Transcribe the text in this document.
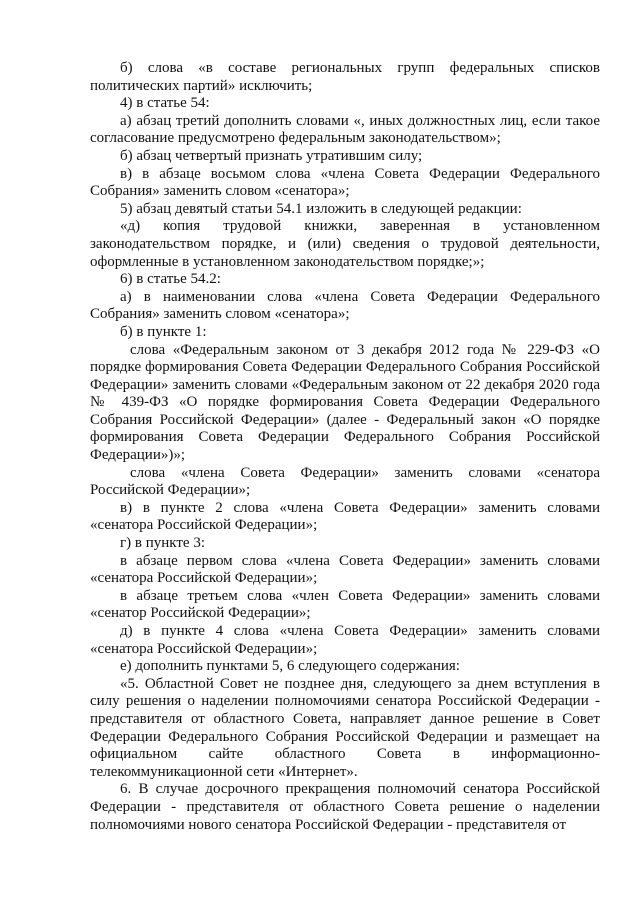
б) слова «в составе региональных групп федеральных списков политических партий» исключить;

4) в статье 54:

а) абзац третий дополнить словами «, иных должностных лиц, если такое согласование предусмотрено федеральным законодательством»;

б) абзац четвертый признать утратившим силу;

в) в абзаце восьмом слова «члена Совета Федерации Федерального Собрания» заменить словом «сенатора»;

5) абзац девятый статьи 54.1 изложить в следующей редакции:

«д) копия трудовой книжки, заверенная в установленном законодательством порядке, и (или) сведения о трудовой деятельности, оформленные в установленном законодательством порядке;»;

6) в статье 54.2:

а) в наименовании слова «члена Совета Федерации Федерального Собрания» заменить словом «сенатора»;

б) в пункте 1:

слова «Федеральным законом от 3 декабря 2012 года № 229-ФЗ «О порядке формирования Совета Федерации Федерального Собрания Российской Федерации» заменить словами «Федеральным законом от 22 декабря 2020 года № 439-ФЗ «О порядке формирования Совета Федерации Федерального Собрания Российской Федерации» (далее - Федеральный закон «О порядке формирования Совета Федерации Федерального Собрания Российской Федерации»)»;

слова «члена Совета Федерации» заменить словами «сенатора Российской Федерации»;

в) в пункте 2 слова «члена Совета Федерации» заменить словами «сенатора Российской Федерации»;

г) в пункте 3:

в абзаце первом слова «члена Совета Федерации» заменить словами «сенатора Российской Федерации»;

в абзаце третьем слова «член Совета Федерации» заменить словами «сенатор Российской Федерации»;

д) в пункте 4 слова «члена Совета Федерации» заменить словами «сенатора Российской Федерации»;

е) дополнить пунктами 5, 6 следующего содержания:

«5. Областной Совет не позднее дня, следующего за днем вступления в силу решения о наделении полномочиями сенатора Российской Федерации - представителя от областного Совета, направляет данное решение в Совет Федерации Федерального Собрания Российской Федерации и размещает на официальном сайте областного Совета в информационно-телекоммуникационной сети «Интернет».

6. В случае досрочного прекращения полномочий сенатора Российской Федерации - представителя от областного Совета решение о наделении полномочиями нового сенатора Российской Федерации - представителя от
